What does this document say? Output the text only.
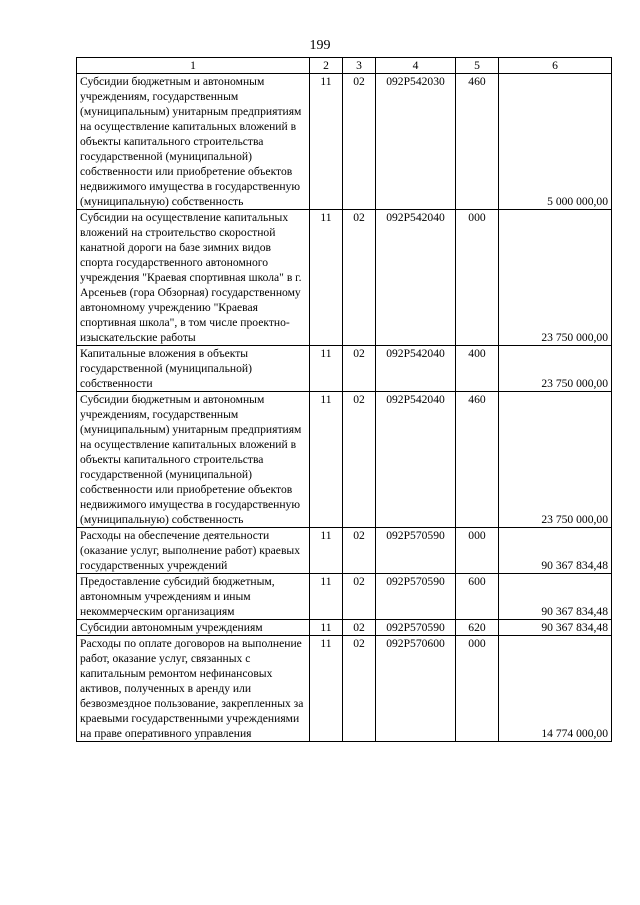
199
1	2	3	4	5	6
Субсидии бюджетным и автономным учреждениям, государственным (муниципальным) унитарным предприятиям на осуществление капитальных вложений в объекты капитального строительства государственной (муниципальной) собственности или приобретение объектов недвижимого имущества в государственную (муниципальную) собственность	11	02	092P542030	460	5 000 000,00
Субсидии на осуществление капитальных вложений на строительство скоростной канатной дороги на базе зимних видов спорта государственного автономного учреждения "Краевая спортивная школа" в г. Арсеньев (гора Обзорная) государственному автономному учреждению "Краевая спортивная школа", в том числе проектно-изыскательские работы	11	02	092P542040	000	23 750 000,00
Капитальные вложения в объекты государственной (муниципальной) собственности	11	02	092P542040	400	23 750 000,00
Субсидии бюджетным и автономным учреждениям, государственным (муниципальным) унитарным предприятиям на осуществление капитальных вложений в объекты капитального строительства государственной (муниципальной) собственности или приобретение объектов недвижимого имущества в государственную (муниципальную) собственность	11	02	092P542040	460	23 750 000,00
Расходы на обеспечение деятельности (оказание услуг, выполнение работ) краевых государственных учреждений	11	02	092P570590	000	90 367 834,48
Предоставление субсидий бюджетным, автономным учреждениям и иным некоммерческим организациям	11	02	092P570590	600	90 367 834,48
Субсидии автономным учреждениям	11	02	092P570590	620	90 367 834,48
Расходы по оплате договоров на выполнение работ, оказание услуг, связанных с капитальным ремонтом нефинансовых активов, полученных в аренду или безвозмездное пользование, закрепленных за краевыми государственными учреждениями на праве оперативного управления	11	02	092P570600	000	14 774 000,00
